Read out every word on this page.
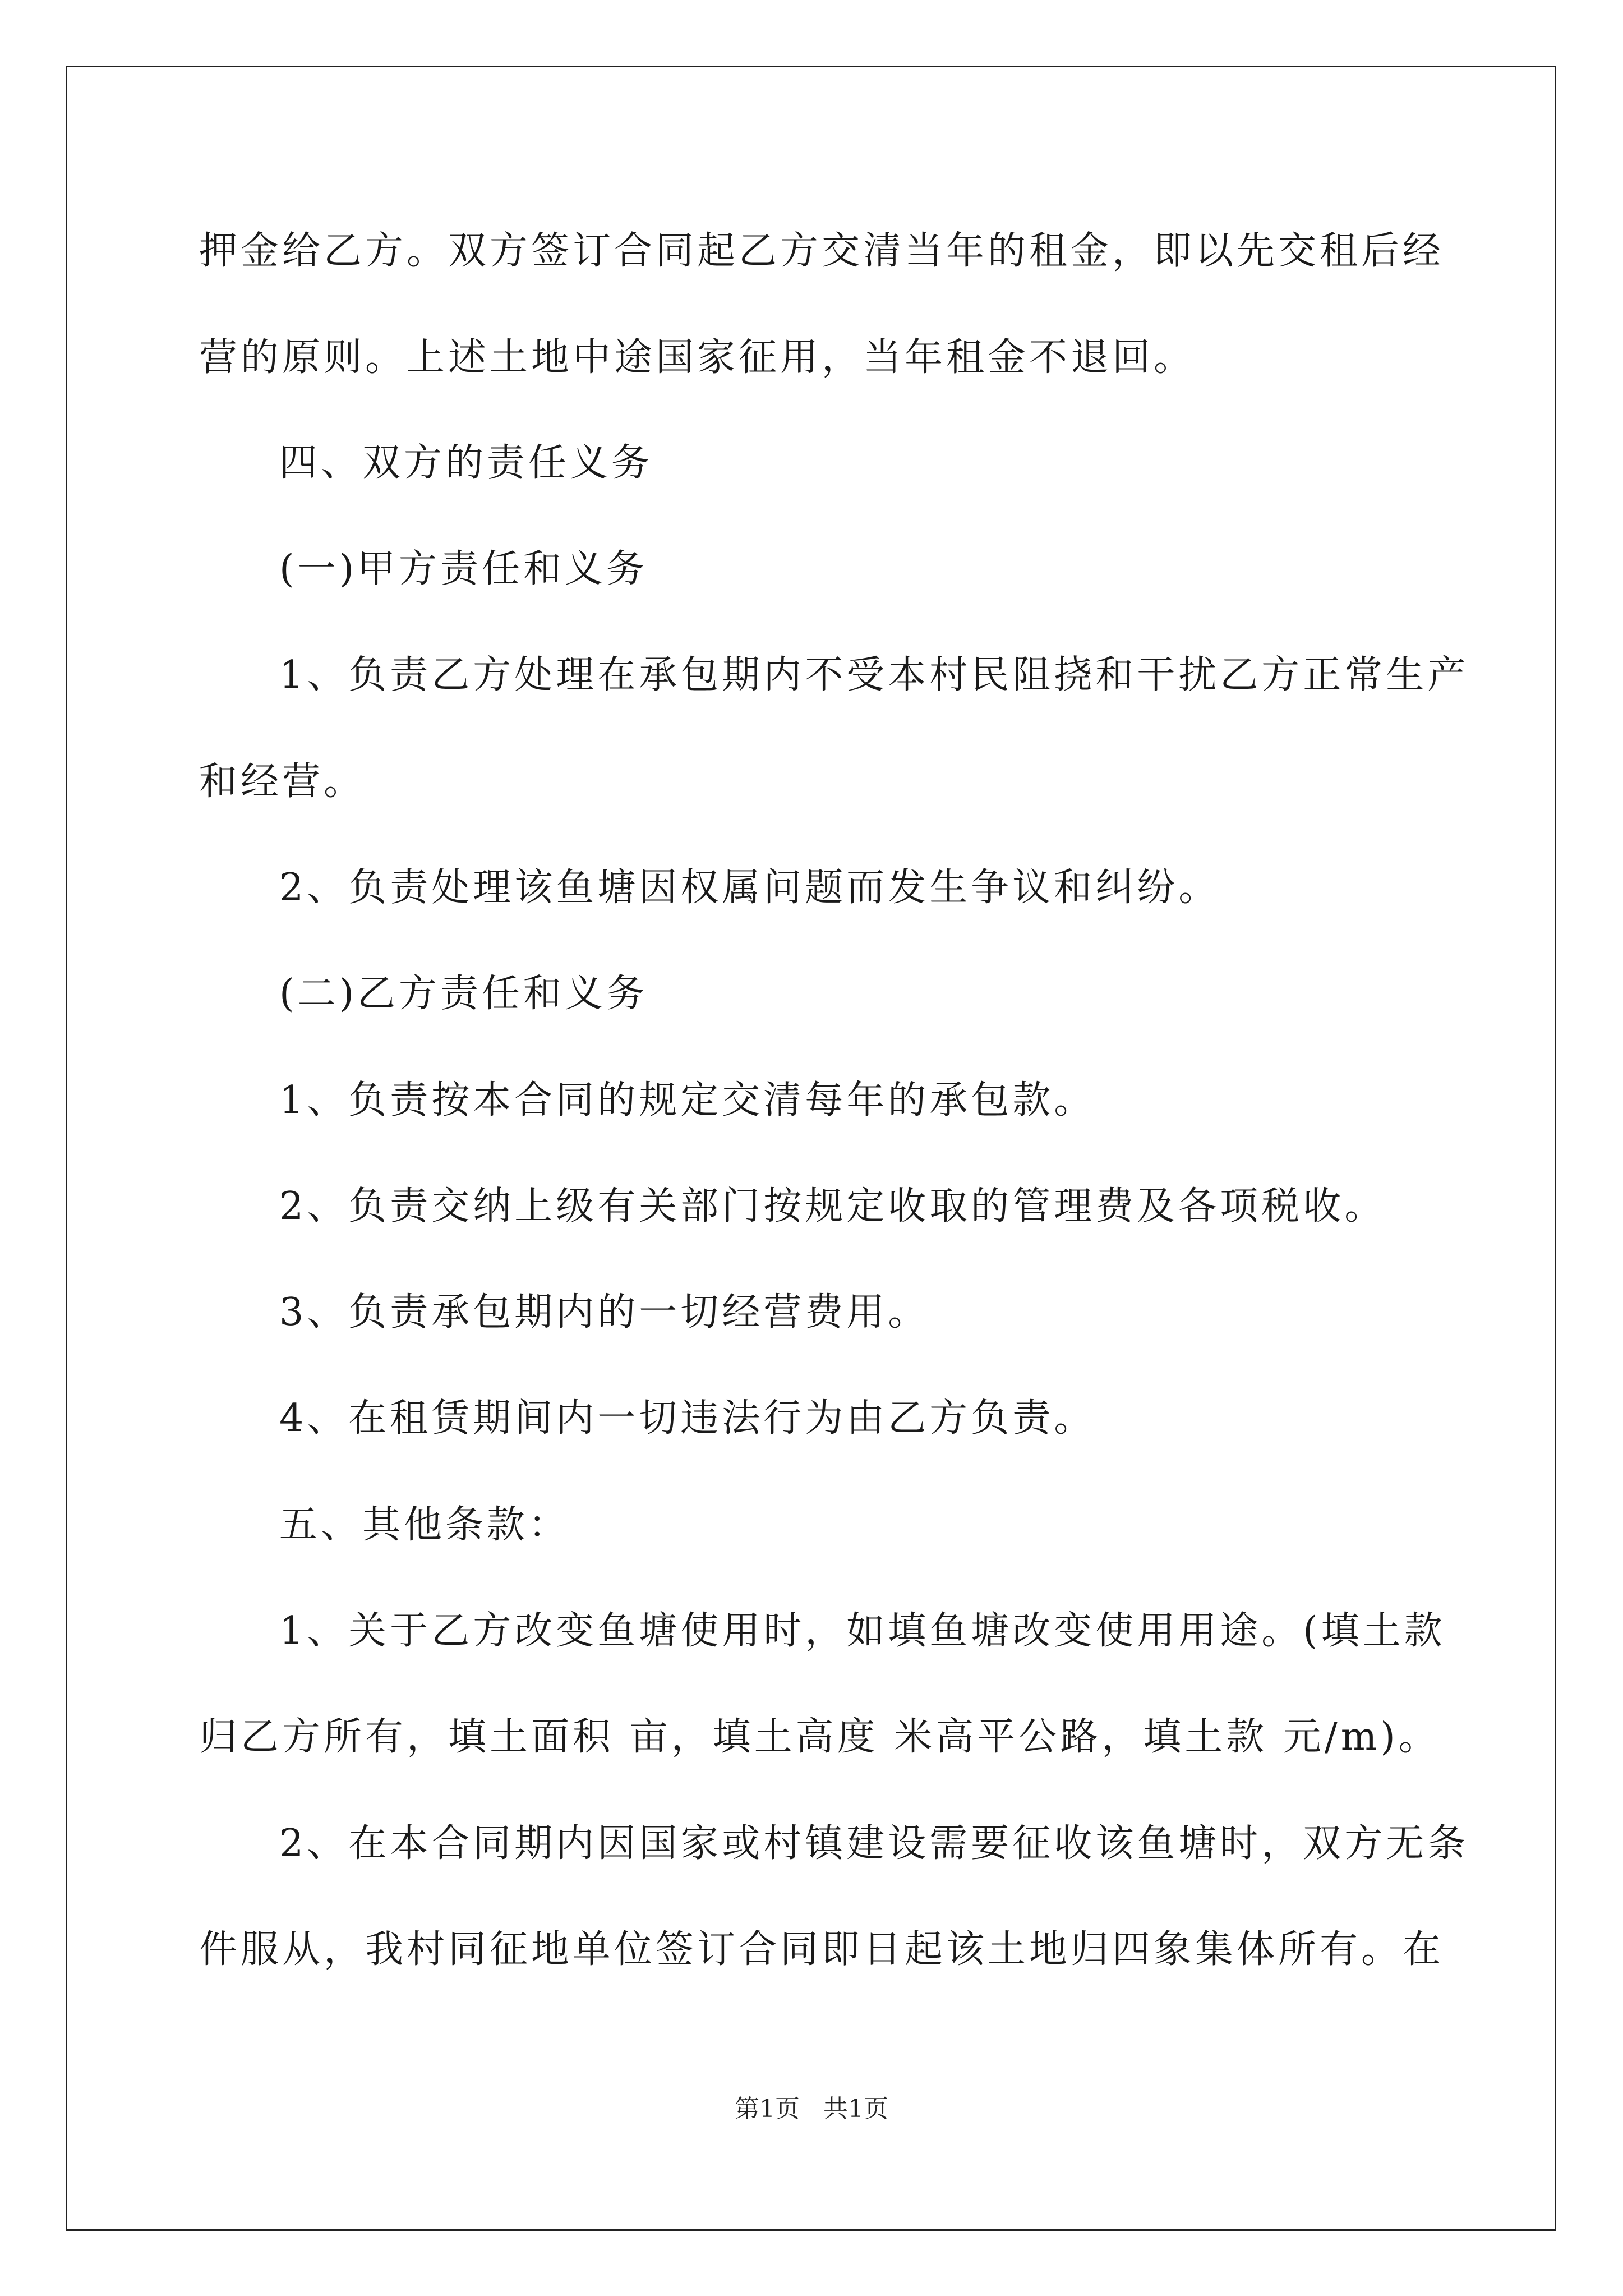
押金给乙方。双方签订合同起乙方交清当年的租金，即以先交租后经
营的原则。上述土地中途国家征用，当年租金不退回。
四、双方的责任义务
(一)甲方责任和义务
1、负责乙方处理在承包期内不受本村民阻挠和干扰乙方正常生产
和经营。
2、负责处理该鱼塘因权属问题而发生争议和纠纷。
(二)乙方责任和义务
1、负责按本合同的规定交清每年的承包款。
2、负责交纳上级有关部门按规定收取的管理费及各项税收。
3、负责承包期内的一切经营费用。
4、在租赁期间内一切违法行为由乙方负责。
五、其他条款：
1、关于乙方改变鱼塘使用时，如填鱼塘改变使用用途。(填土款
归乙方所有，填土面积 亩，填土高度 米高平公路，填土款 元/m)。
2、在本合同期内因国家或村镇建设需要征收该鱼塘时，双方无条
件服从，我村同征地单位签订合同即日起该土地归四象集体所有。在
第1页   共1页
